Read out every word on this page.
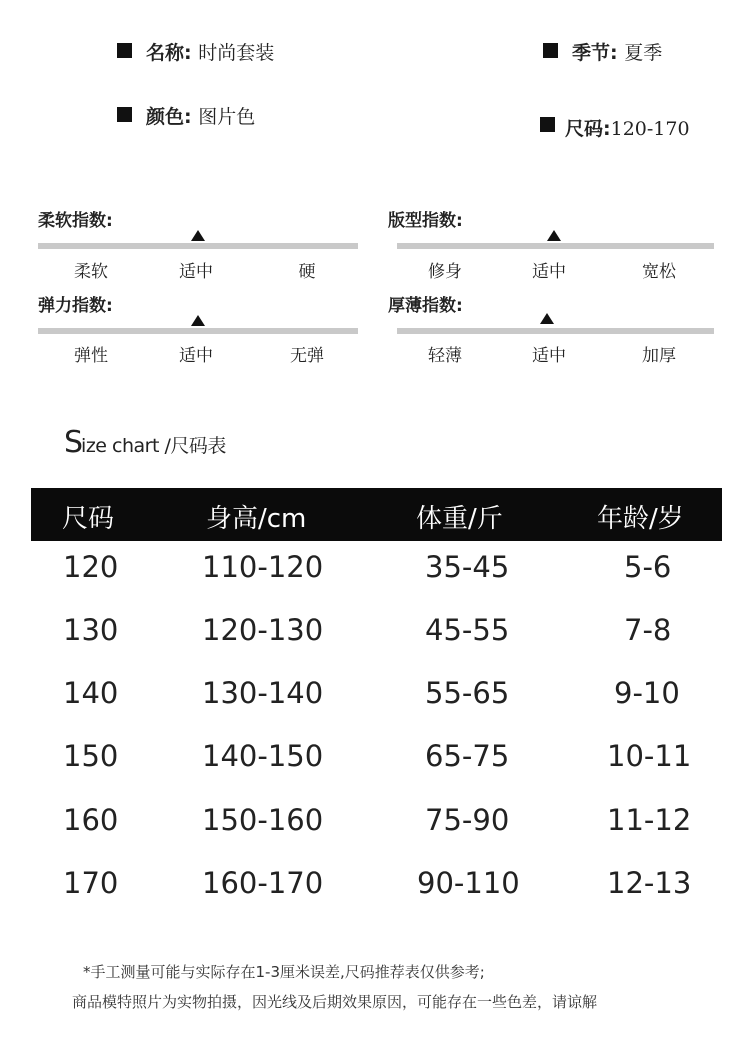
名称: 时尚套装	季节: 夏季
颜色: 图片色
尺码:120-170
柔软指数:
柔软	适中	硬
版型指数:
修身	适中	宽松
弹力指数:
弹性	适中	无弹
厚薄指数:
轻薄	适中	加厚
Size chart /尺码表
尺码	身高/cm	体重/斤	年龄/岁
120	110-120	35-45	5-6
130	120-130	45-55	7-8
140	130-140	55-65	9-10
150	140-150	65-75	10-11
160	150-160	75-90	11-12
170	160-170	90-110	12-13
*手工测量可能与实际存在1-3厘米误差,尺码推荐表仅供参考;
商品模特照片为实物拍摄，因光线及后期效果原因，可能存在一些色差，请谅解
